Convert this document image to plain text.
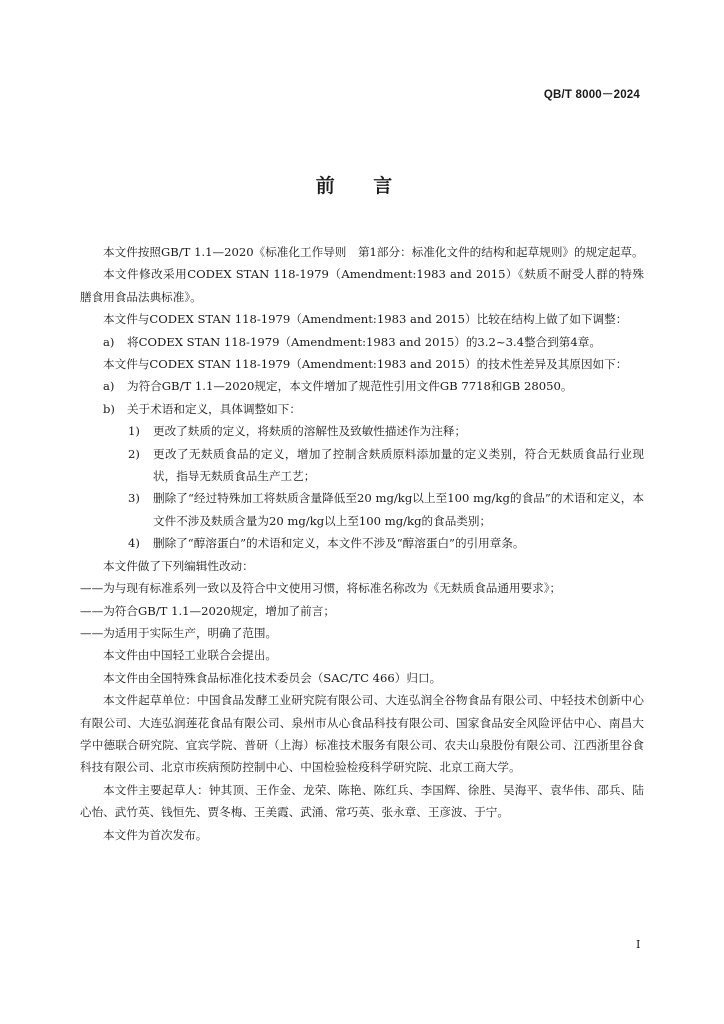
QB/T 8000－2024
前 言

本文件按照GB/T 1.1—2020《标准化工作导则　第1部分：标准化文件的结构和起草规则》的规定起草。

本文件修改采用CODEX STAN 118-1979（Amendment:1983 and 2015）《麸质不耐受人群的特殊膳食用食品法典标准》。

本文件与CODEX STAN 118-1979（Amendment:1983 and 2015）比较在结构上做了如下调整：

a)	将CODEX STAN 118-1979（Amendment:1983 and 2015）的3.2~3.4整合到第4章。

本文件与CODEX STAN 118-1979（Amendment:1983 and 2015）的技术性差异及其原因如下：

a)	为符合GB/T 1.1—2020规定，本文件增加了规范性引用文件GB 7718和GB 28050。
b)	关于术语和定义，具体调整如下：
1)	更改了麸质的定义，将麸质的溶解性及致敏性描述作为注释；
2)	更改了无麸质食品的定义，增加了控制含麸质原料添加量的定义类别，符合无麸质食品行业现状，指导无麸质食品生产工艺；
3)	删除了“经过特殊加工将麸质含量降低至20 mg/kg以上至100 mg/kg的食品”的术语和定义，本文件不涉及麸质含量为20 mg/kg以上至100 mg/kg的食品类别；
4)	删除了“醇溶蛋白”的术语和定义，本文件不涉及“醇溶蛋白”的引用章条。

本文件做了下列编辑性改动：

——为与现有标准系列一致以及符合中文使用习惯，将标准名称改为《无麸质食品通用要求》；

——为符合GB/T 1.1—2020规定，增加了前言；

——为适用于实际生产，明确了范围。

本文件由中国轻工业联合会提出。

本文件由全国特殊食品标准化技术委员会（SAC/TC 466）归口。

本文件起草单位：中国食品发酵工业研究院有限公司、大连弘润全谷物食品有限公司、中轻技术创新中心有限公司、大连弘润莲花食品有限公司、泉州市从心食品科技有限公司、国家食品安全风险评估中心、南昌大学中德联合研究院、宜宾学院、普研（上海）标准技术服务有限公司、农夫山泉股份有限公司、江西浙里谷食科技有限公司、北京市疾病预防控制中心、中国检验检疫科学研究院、北京工商大学。

本文件主要起草人：钟其顶、王作金、龙荣、陈艳、陈红兵、李国辉、徐胜、吴海平、袁华伟、邵兵、陆心怡、武竹英、钱恒先、贾冬梅、王美霞、武涌、常巧英、张永章、王彦波、于宁。

本文件为首次发布。

I
